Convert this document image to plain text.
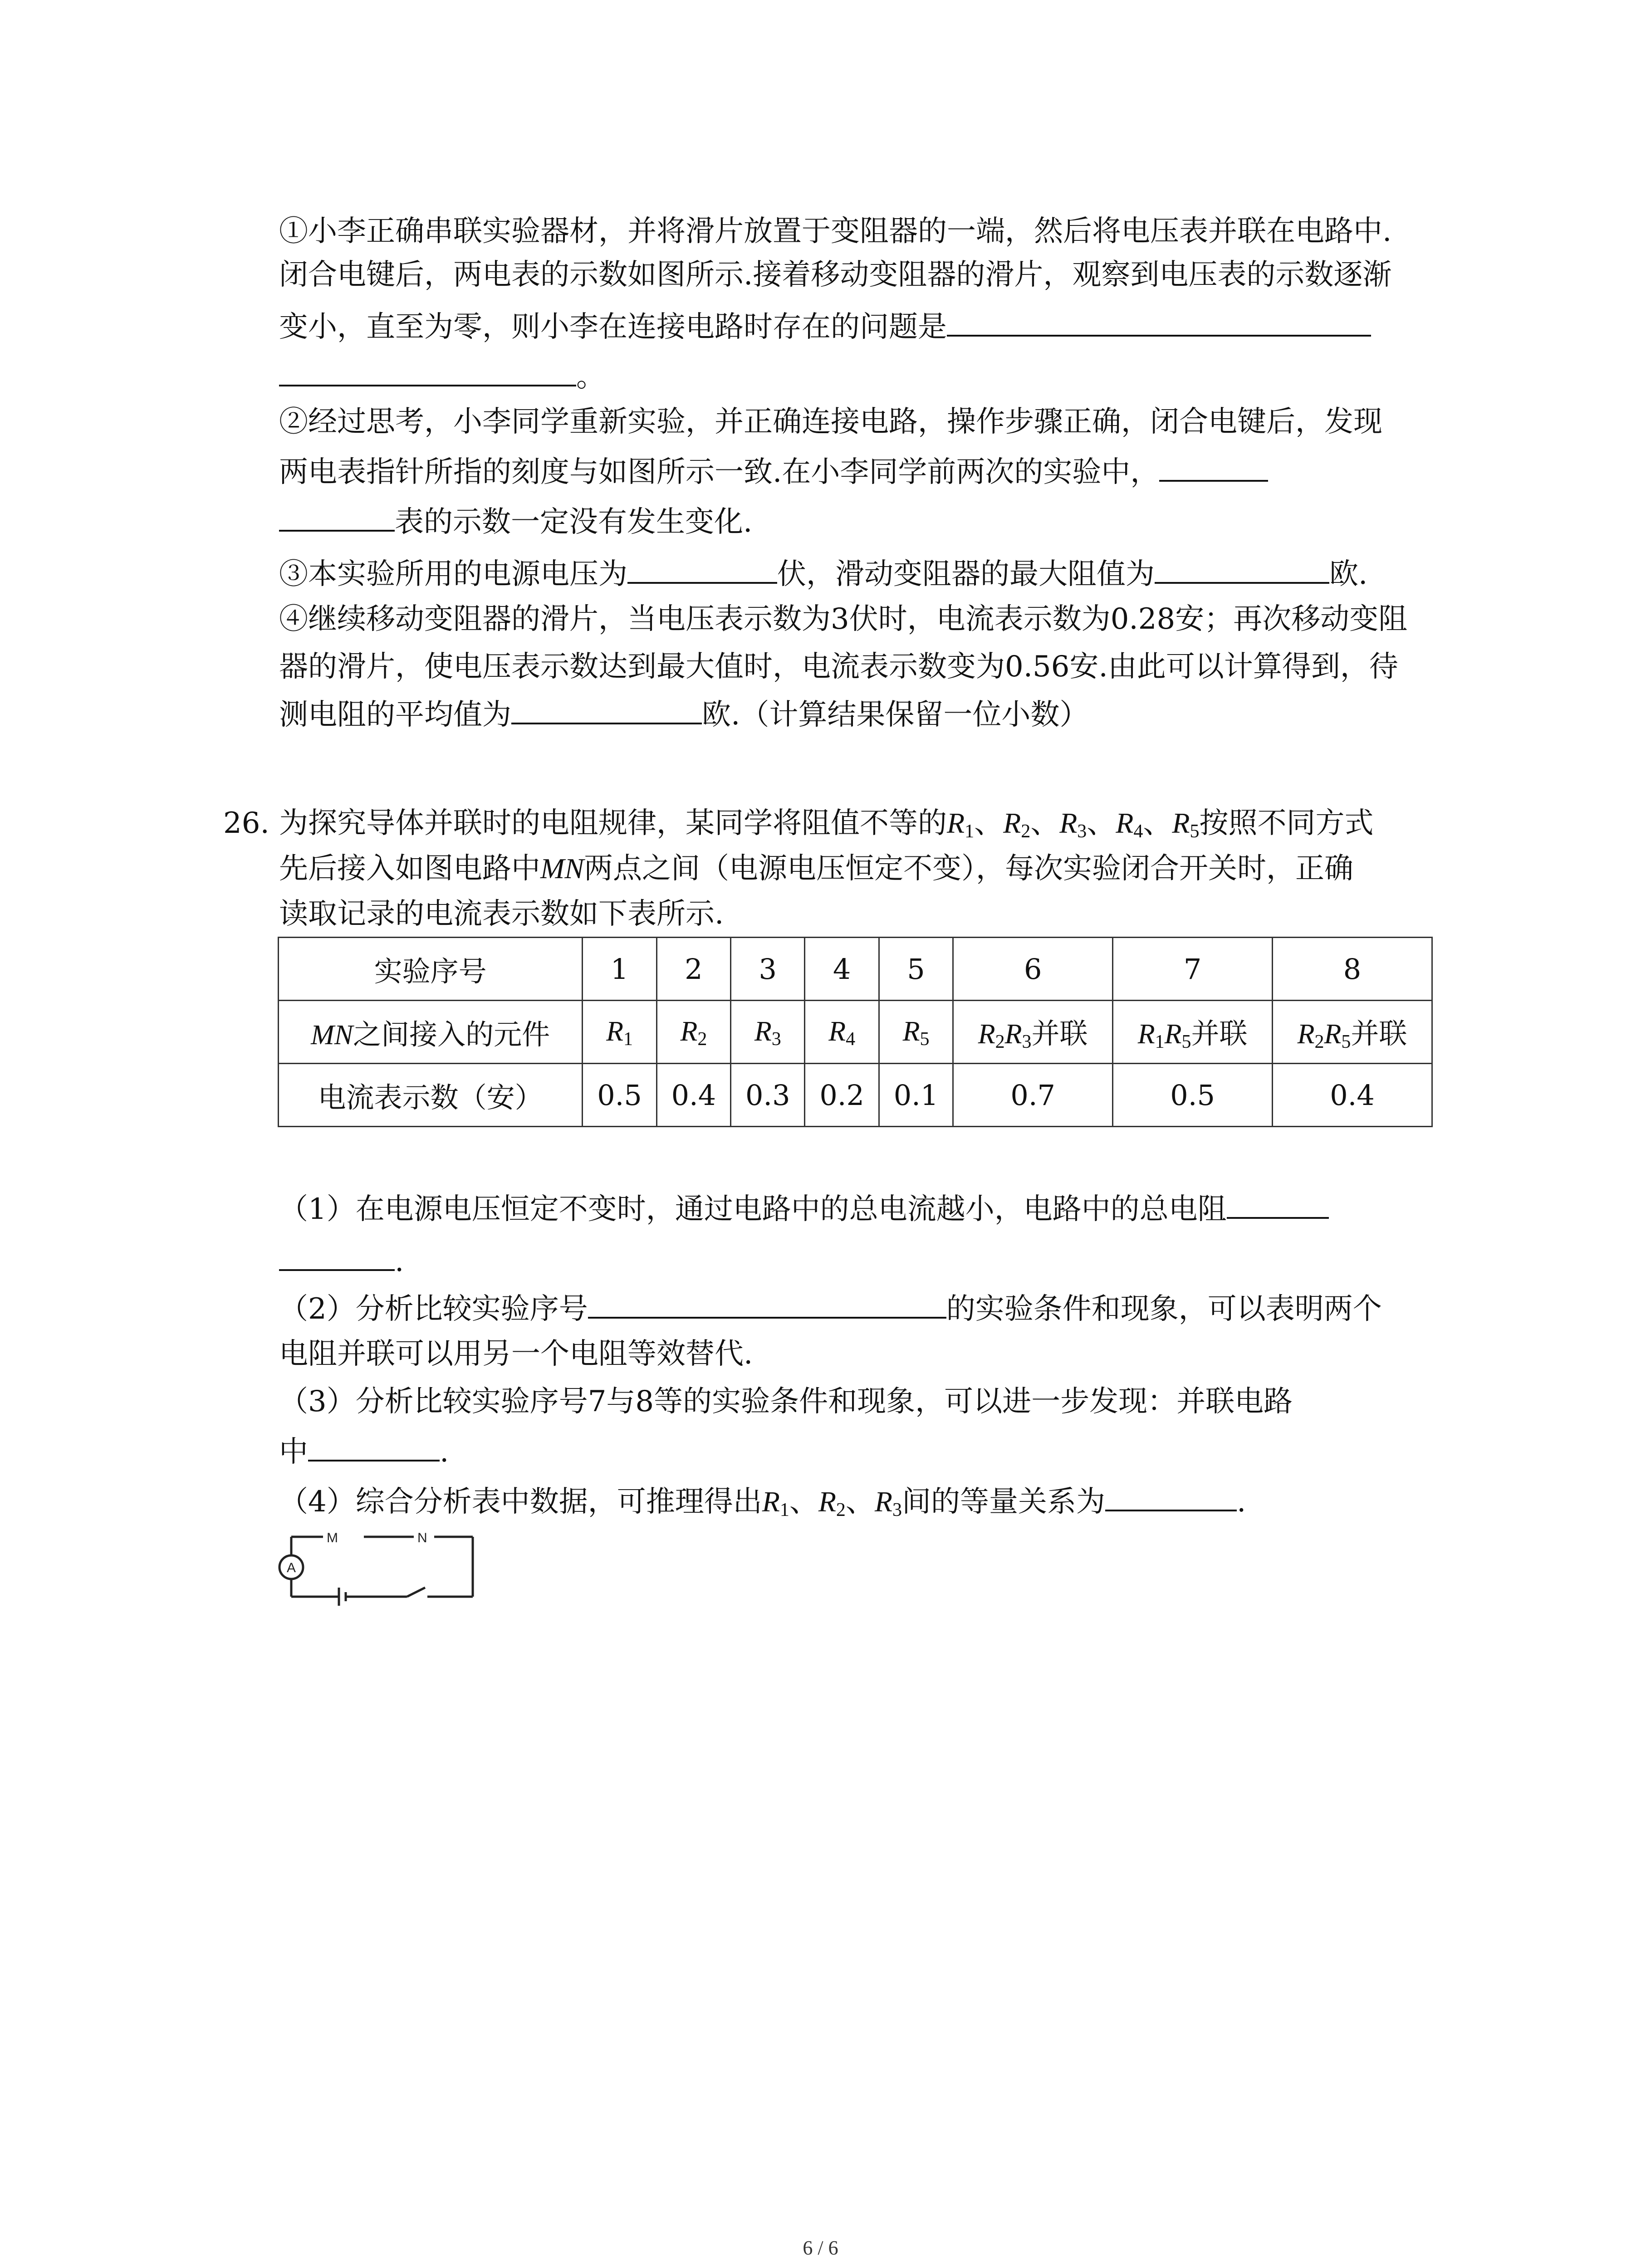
①小李正确串联实验器材，并将滑片放置于变阻器的一端，然后将电压表并联在电路中.
闭合电键后，两电表的示数如图所示.接着移动变阻器的滑片，观察到电压表的示数逐渐
变小，直至为零，则小李在连接电路时存在的问题是
。
②经过思考，小李同学重新实验，并正确连接电路，操作步骤正确，闭合电键后，发现
两电表指针所指的刻度与如图所示一致.在小李同学前两次的实验中，
表的示数一定没有发生变化.
③本实验所用的电源电压为	伏，滑动变阻器的最大阻值为	欧.
④继续移动变阻器的滑片，当电压表示数为3伏时，电流表示数为0.28安；再次移动变阻
器的滑片，使电压表示数达到最大值时，电流表示数变为0.56安.由此可以计算得到，待
测电阻的平均值为	欧.（计算结果保留一位小数）
26. 为探究导体并联时的电阻规律，某同学将阻值不等的$R_1$、$R_2$、$R_3$、$R_4$、$R_5$按照不同方式
先后接入如图电路中MN两点之间（电源电压恒定不变），每次实验闭合开关时，正确
读取记录的电流表示数如下表所示.
实验序号	1	2	3	4	5	6	7	8
MN之间接入的元件	$R_1$	$R_2$	$R_3$	$R_4$	$R_5$	$R_2R_3$并联	$R_1R_5$并联	$R_2R_5$并联
电流表示数（安）	0.5	0.4	0.3	0.2	0.1	0.7	0.5	0.4
（1）在电源电压恒定不变时，通过电路中的总电流越小，电路中的总电阻
.
（2）分析比较实验序号	的实验条件和现象，可以表明两个
电阻并联可以用另一个电阻等效替代.
（3）分析比较实验序号7与8等的实验条件和现象，可以进一步发现：并联电路
中	.
（4）综合分析表中数据，可推理得出$R_1$、$R_2$、$R_3$间的等量关系为	.
A
M	N
6 / 6
